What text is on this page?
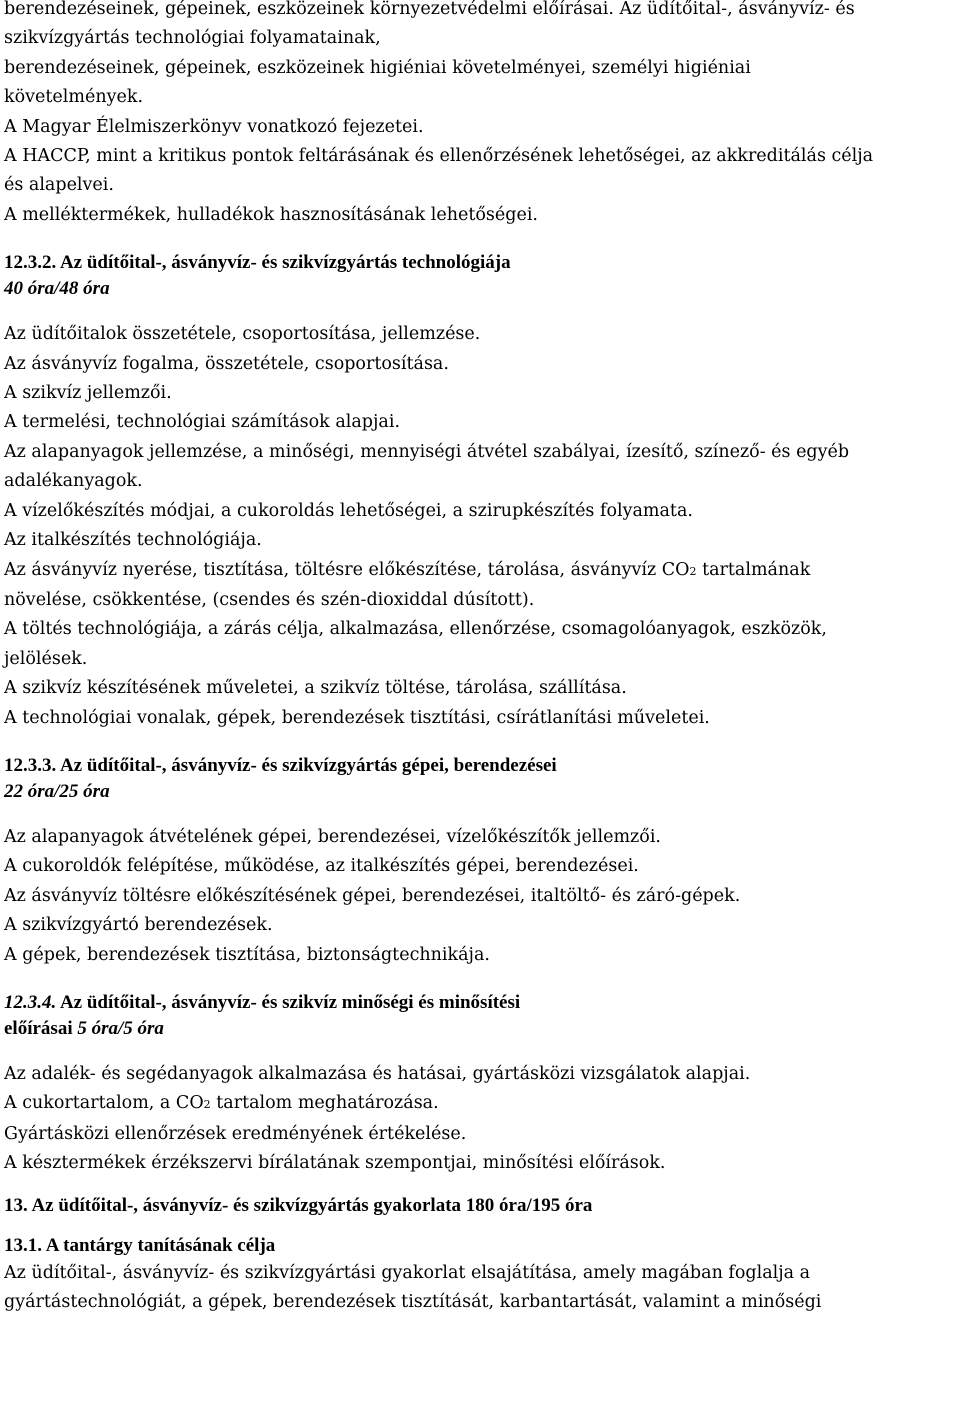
berendezéseinek, gépeinek, eszközeinek környezetvédelmi előírásai. Az üdítőital-, ásványvíz- és

szikvízgyártás technológiai folyamatainak,

berendezéseinek, gépeinek, eszközeinek higiéniai követelményei, személyi higiéniai

követelmények.

A Magyar Élelmiszerkönyv vonatkozó fejezetei.

A HACCP, mint a kritikus pontok feltárásának és ellenőrzésének lehetőségei, az akkreditálás célja

és alapelvei.

A melléktermékek, hulladékok hasznosításának lehetőségei.

12.3.2. Az üdítőital-, ásványvíz- és szikvízgyártás technológiája

40 óra/48 óra

Az üdítőitalok összetétele, csoportosítása, jellemzése.

Az ásványvíz fogalma, összetétele, csoportosítása.

A szikvíz jellemzői.

A termelési, technológiai számítások alapjai.

Az alapanyagok jellemzése, a minőségi, mennyiségi átvétel szabályai, ízesítő, színező- és egyéb

adalékanyagok.

A vízelőkészítés módjai, a cukoroldás lehetőségei, a szirupkészítés folyamata.

Az italkészítés technológiája.

Az ásványvíz nyerése, tisztítása, töltésre előkészítése, tárolása, ásványvíz CO2 tartalmának

növelése, csökkentése, (csendes és szén-dioxiddal dúsított).

A töltés technológiája, a zárás célja, alkalmazása, ellenőrzése, csomagolóanyagok, eszközök,

jelölések.

A szikvíz készítésének műveletei, a szikvíz töltése, tárolása, szállítása.

A technológiai vonalak, gépek, berendezések tisztítási, csírátlanítási műveletei.

12.3.3. Az üdítőital-, ásványvíz- és szikvízgyártás gépei, berendezései

22 óra/25 óra

Az alapanyagok átvételének gépei, berendezései, vízelőkészítők jellemzői.

A cukoroldók felépítése, működése, az italkészítés gépei, berendezései.

Az ásványvíz töltésre előkészítésének gépei, berendezései, italtöltő- és záró-gépek.

A szikvízgyártó berendezések.

A gépek, berendezések tisztítása, biztonságtechnikája.

12.3.4. Az üdítőital-, ásványvíz- és szikvíz minőségi és minősítési

előírásai 5 óra/5 óra

Az adalék- és segédanyagok alkalmazása és hatásai, gyártásközi vizsgálatok alapjai.

A cukortartalom, a CO2 tartalom meghatározása.

Gyártásközi ellenőrzések eredményének értékelése.

A késztermékek érzékszervi bírálatának szempontjai, minősítési előírások.

13. Az üdítőital-, ásványvíz- és szikvízgyártás gyakorlata 180 óra/195 óra

13.1. A tantárgy tanításának célja

Az üdítőital-, ásványvíz- és szikvízgyártási gyakorlat elsajátítása, amely magában foglalja a

gyártástechnológiát, a gépek, berendezések tisztítását, karbantartását, valamint a minőségi
